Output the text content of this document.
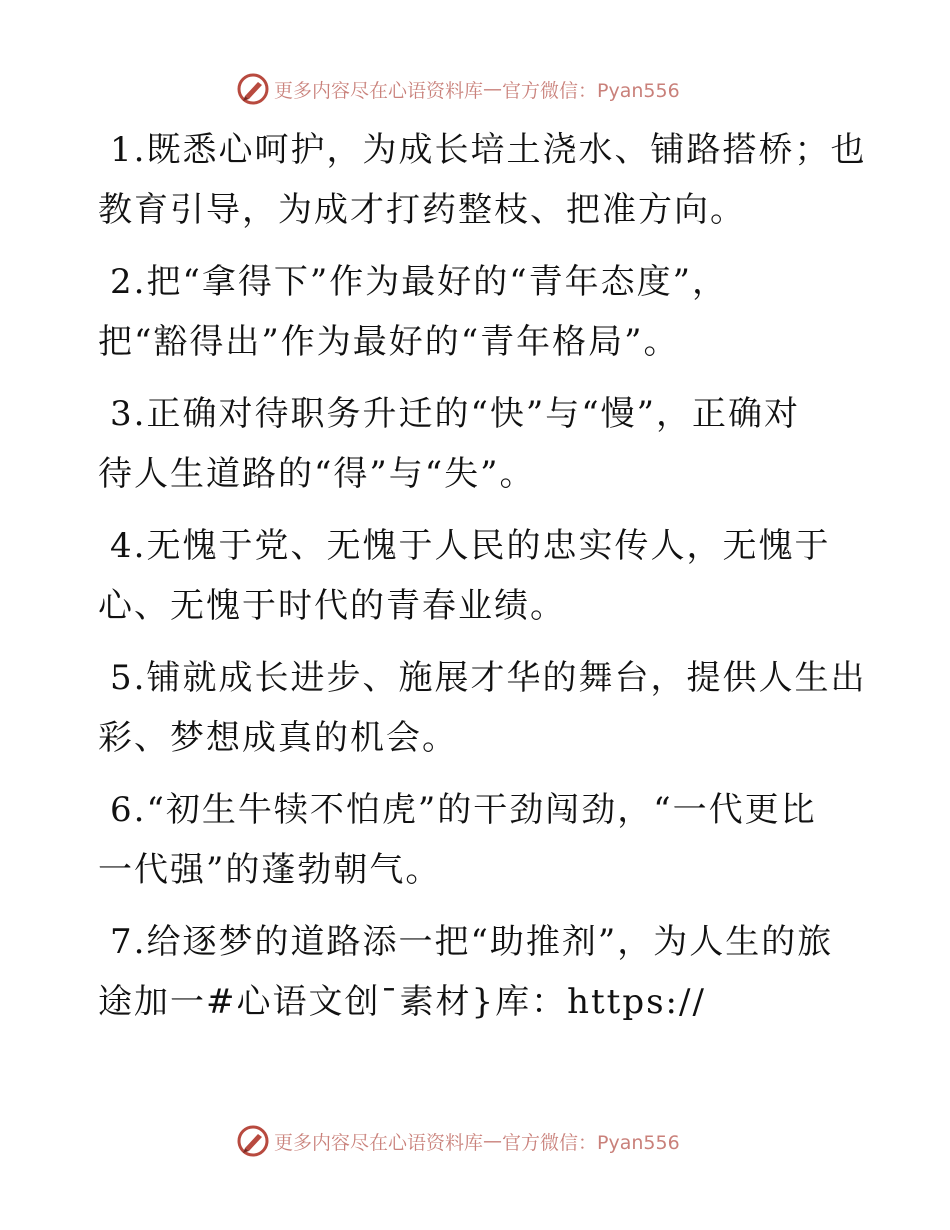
更多内容尽在心语资料库 — 官方微信：Pyan556
1.既悉心呵护，为成长培土浇水、铺路搭桥；也
教育引导，为成才打药整枝、把准方向。
2.把“拿得下”作为最好的“青年态度”，
把“豁得出”作为最好的“青年格局”。
3.正确对待职务升迁的“快”与“慢”，正确对
待人生道路的“得”与“失”。
4.无愧于党、无愧于人民的忠实传人，无愧于
心、无愧于时代的青春业绩。
5.铺就成长进步、施展才华的舞台，提供人生出
彩、梦想成真的机会。
6.“初生牛犊不怕虎”的干劲闯劲，“一代更比
一代强”的蓬勃朝气。
7.给逐梦的道路添一把“助推剂”，为人生的旅
途加一#心语文创¯素材}库：https://
更多内容尽在心语资料库 — 官方微信：Pyan556
